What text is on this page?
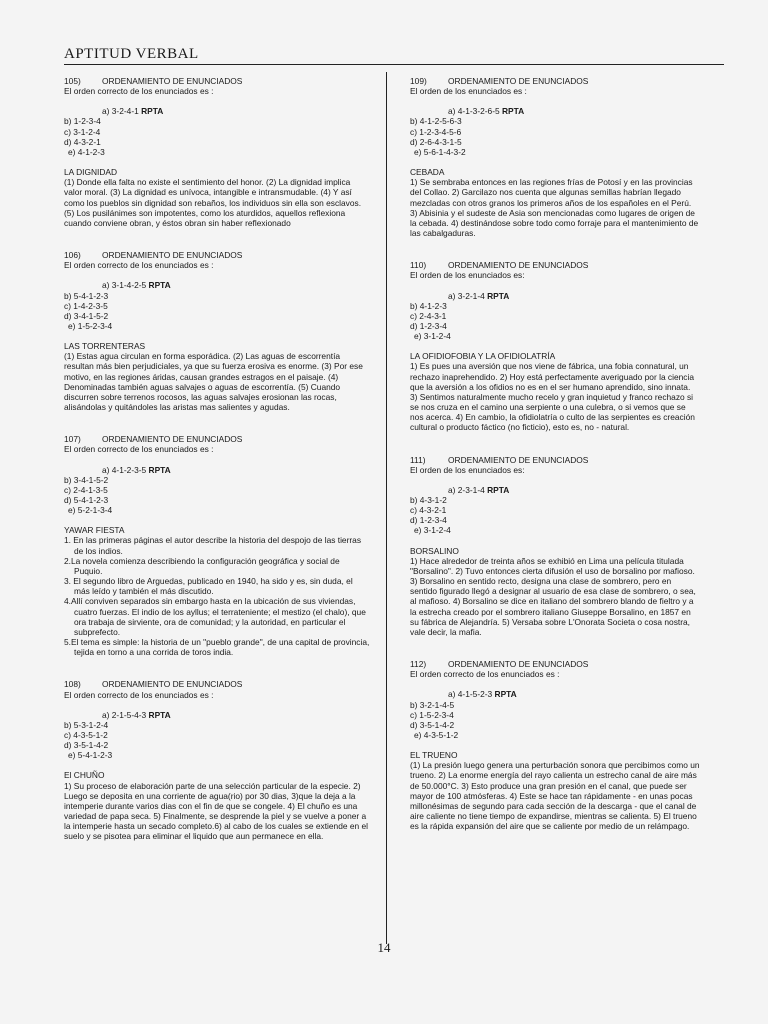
APTITUD VERBAL
105)	ORDENAMIENTO DE ENUNCIADOS
El orden correcto de los enunciados es :
a) 3-2-4-1 RPTA
b) 1-2-3-4
c) 3-1-2-4
d) 4-3-2-1
e) 4-1-2-3
LA DIGNIDAD

(1) Donde ella falta no existe el sentimiento del honor. (2) La dignidad implica valor moral. (3) La dignidad es unívoca, intangible e intransmudable. (4) Y así como los pueblos sin dignidad son rebaños, los individuos sin ella son esclavos. (5) Los pusilánimes son impotentes, como los aturdidos, aquellos reflexiona cuando conviene obran, y éstos obran sin haber reflexionado

106)	ORDENAMIENTO DE ENUNCIADOS
El orden correcto de los enunciados es :
a) 3-1-4-2-5 RPTA
b) 5-4-1-2-3
c) 1-4-2-3-5
d) 3-4-1-5-2
e) 1-5-2-3-4
LAS TORRENTERAS

(1) Estas agua circulan en forma esporádica. (2) Las aguas de escorrentía resultan más bien perjudiciales, ya que su fuerza erosiva es enorme. (3) Por ese motivo, en las regiones áridas, causan grandes estragos en el paisaje. (4) Denominadas también aguas salvajes o aguas de escorrentía. (5) Cuando discurren sobre terrenos rocosos, las aguas salvajes erosionan las rocas, alisándolas y quitándoles las aristas mas salientes y agudas.

107)	ORDENAMIENTO DE ENUNCIADOS
El orden correcto de los enunciados es :
a) 4-1-2-3-5 RPTA
b) 3-4-1-5-2
c) 2-4-1-3-5
d) 5-4-1-2-3
e) 5-2-1-3-4
YAWAR FIESTA
1. En las primeras páginas el autor describe la historia del despojo de las tierras de los indios.
2.La novela comienza describiendo la configuración geográfica y social de Puquio.
3. El segundo libro de Arguedas, publicado en 1940, ha sido y es, sin duda, el más leído y también el más discutido.
4.Allí conviven separados sin embargo hasta en la ubicación de sus viviendas, cuatro fuerzas. El indio de los ayllus; el terrateniente; el mestizo (el chalo), que ora trabaja de sirviente, ora de comunidad; y la autoridad, en particular el subprefecto.
5.El tema es simple: la historia de un "pueblo grande", de una capital de provincia, tejida en torno a una corrida de toros india.
108)	ORDENAMIENTO DE ENUNCIADOS
El orden correcto de los enunciados es :
a) 2-1-5-4-3 RPTA
b) 5-3-1-2-4
c) 4-3-5-1-2
d) 3-5-1-4-2
e) 5-4-1-2-3
El CHUÑO

1) Su proceso de elaboración parte de una selección particular de la especie. 2) Luego se deposita en una corriente de agua(rio) por 30 dias, 3)que la deja a la intemperie durante varios dias con el fin de que se congele. 4) El chuño es una variedad de papa seca. 5) Finalmente, se desprende la piel y se vuelve a poner a la intemperie hasta un secado completo.6) al cabo de los cuales se extiende en el suelo y se pisotea para eliminar el liquido que aun permanece en ella.

109)	ORDENAMIENTO DE ENUNCIADOS
El orden de los enunciados es :
a) 4-1-3-2-6-5 RPTA
b) 4-1-2-5-6-3
c) 1-2-3-4-5-6
d) 2-6-4-3-1-5
e) 5-6-1-4-3-2
CEBADA

1) Se sembraba entonces en las regiones frías de Potosí y en las provincias del Collao. 2) Garcilazo nos cuenta que algunas semillas habrían llegado mezcladas con otros granos los primeros años de los españoles en el Perú. 3) Abisinia y el sudeste de Asia son mencionadas como lugares de origen de la cebada. 4) destinándose sobre todo como forraje para el mantenimiento de las cabalgaduras.

110)	ORDENAMIENTO DE ENUNCIADOS
El orden de los enunciados es:
a) 3-2-1-4 RPTA
b) 4-1-2-3
c) 2-4-3-1
d) 1-2-3-4
e) 3-1-2-4
LA OFIDIOFOBIA Y LA OFIDIOLATRÍA

1) Es pues una aversión que nos viene de fábrica, una fobia connatural, un rechazo inaprehendido. 2) Hoy está perfectamente averiguado por la ciencia que la aversión a los ofidios no es en el ser humano aprendido, sino innata. 3) Sentimos naturalmente mucho recelo y gran inquietud y franco rechazo si se nos cruza en el camino una serpiente o una culebra, o si vemos que se nos acerca. 4) En cambio, la ofidiolatría o culto de las serpientes es creación cultural o producto fáctico (no ficticio), esto es, no - natural.

111)	ORDENAMIENTO DE ENUNCIADOS
El orden de los enunciados es:
a) 2-3-1-4 RPTA
b) 4-3-1-2
c) 4-3-2-1
d) 1-2-3-4
e) 3-1-2-4
BORSALINO

1) Hace alrededor de treinta años se exhibió en Lima una película titulada "Borsalino". 2) Tuvo entonces cierta difusión el uso de borsalino por mafioso. 3) Borsalino en sentido recto, designa una clase de sombrero, pero en sentido figurado llegó a designar al usuario de esa clase de sombrero, o sea, al mafioso. 4) Borsalino se dice en italiano del sombrero blando de fieltro y a la estrecha creado por el sombrero italiano Giuseppe Borsalino, en 1857 en su fábrica de Alejandría. 5) Versaba sobre L'Onorata Societa o cosa nostra, vale decir, la mafia.

112)	ORDENAMIENTO DE ENUNCIADOS
El orden correcto de los enunciados es :
a) 4-1-5-2-3 RPTA
b) 3-2-1-4-5
c) 1-5-2-3-4
d) 3-5-1-4-2
e) 4-3-5-1-2
EL TRUENO

(1) La presión luego genera una perturbación sonora que percibimos como un trueno. 2) La enorme energía del rayo calienta un estrecho canal de aire más de 50.000°C. 3) Esto produce una gran presión en el canal, que puede ser mayor de 100 atmósferas. 4) Este se hace tan rápidamente - en unas pocas millonésimas de segundo para cada sección de la descarga - que el canal de aire caliente no tiene tiempo de expandirse, mientras se calienta. 5) El trueno es la rápida expansión del aire que se caliente por medio de un relámpago.

14
